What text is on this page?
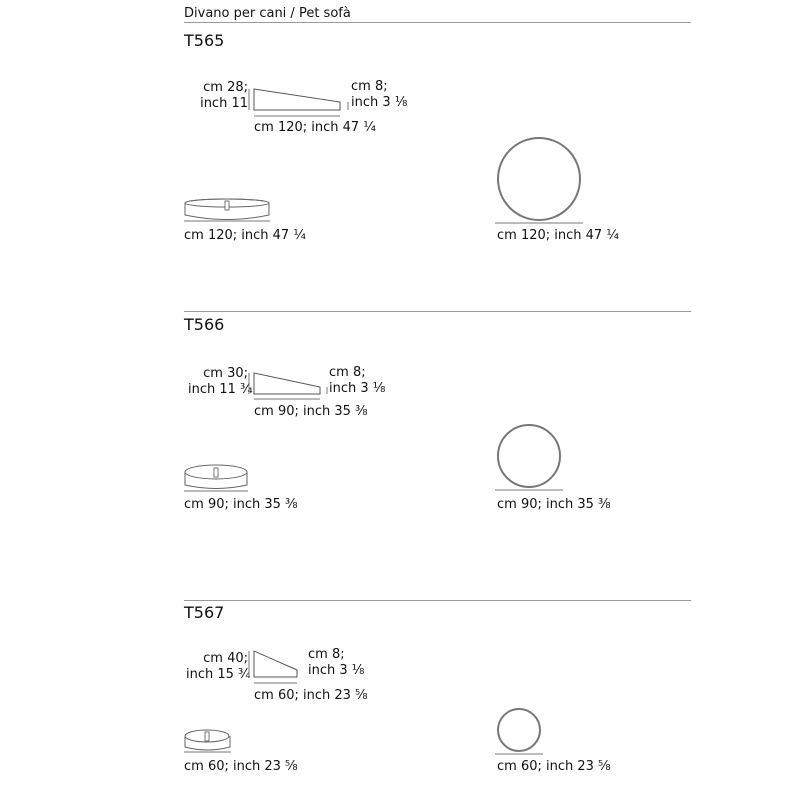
Divano per cani / Pet sofà
T565
cm 28;
inch 11
cm 8;
inch 3 ⅛
cm 120; inch 47 ¼
cm 120; inch 47 ¼	cm 120; inch 47 ¼
T566
cm 30;
inch 11 ¾
cm 8;
inch 3 ⅛
cm 90; inch 35 ⅜
cm 90; inch 35 ⅜	cm 90; inch 35 ⅜
T567
cm 40;
inch 15 ¾
cm 8;
inch 3 ⅛
cm 60; inch 23 ⅝
cm 60; inch 23 ⅝	cm 60; inch 23 ⅝
